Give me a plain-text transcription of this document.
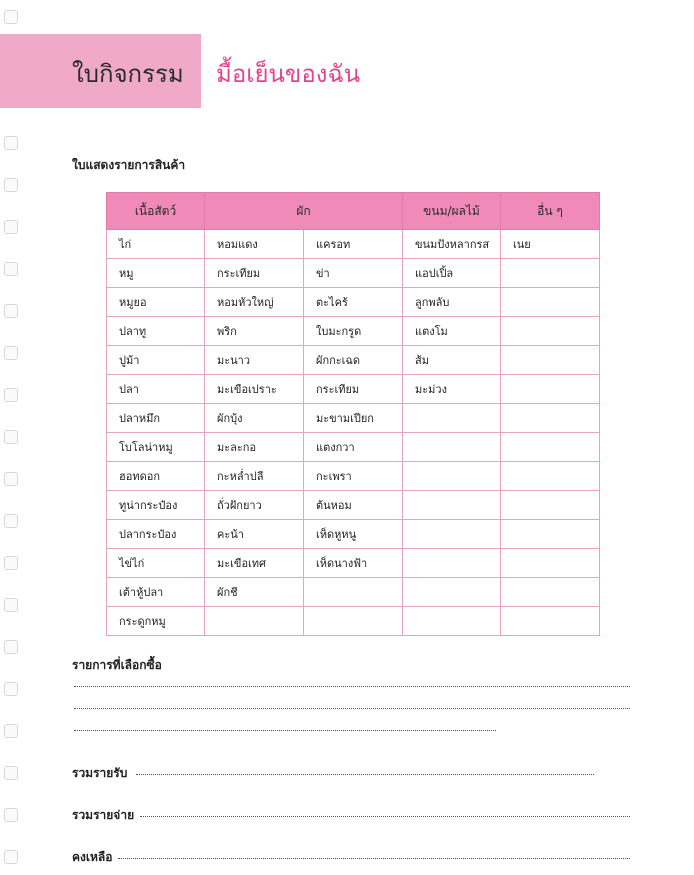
ใบกิจกรรม มื้อเย็นของฉัน
ใบแสดงรายการสินค้า
เนื้อสัตว์	ผัก		ขนม/ผลไม้	อื่น ๆ
ไก่	หอมแดง	แครอท	ขนมปังหลากรส	เนย
หมู	กระเทียม	ข่า	แอปเปิ้ล	
หมูยอ	หอมหัวใหญ่	ตะไคร้	ลูกพลับ	
ปลาทู	พริก	ใบมะกรูด	แตงโม	
ปูม้า	มะนาว	ผักกะเฉด	ส้ม	
ปลา	มะเขือเปราะ	กระเทียม	มะม่วง	
ปลาหมึก	ผักบุ้ง	มะขามเปียก		
โบโลน่าหมู	มะละกอ	แตงกวา		
ฮอทดอก	กะหล่ำปลี	กะเพรา		
ทูน่ากระป๋อง	ถั่วฝักยาว	ต้นหอม		
ปลากระป๋อง	คะน้า	เห็ดหูหนู		
ไข่ไก่	มะเขือเทศ	เห็ดนางฟ้า		
เต้าหู้ปลา	ผักชี			
กระดูกหมู				
รายการที่เลือกซื้อ
รวมรายรับ
รวมรายจ่าย
คงเหลือ
